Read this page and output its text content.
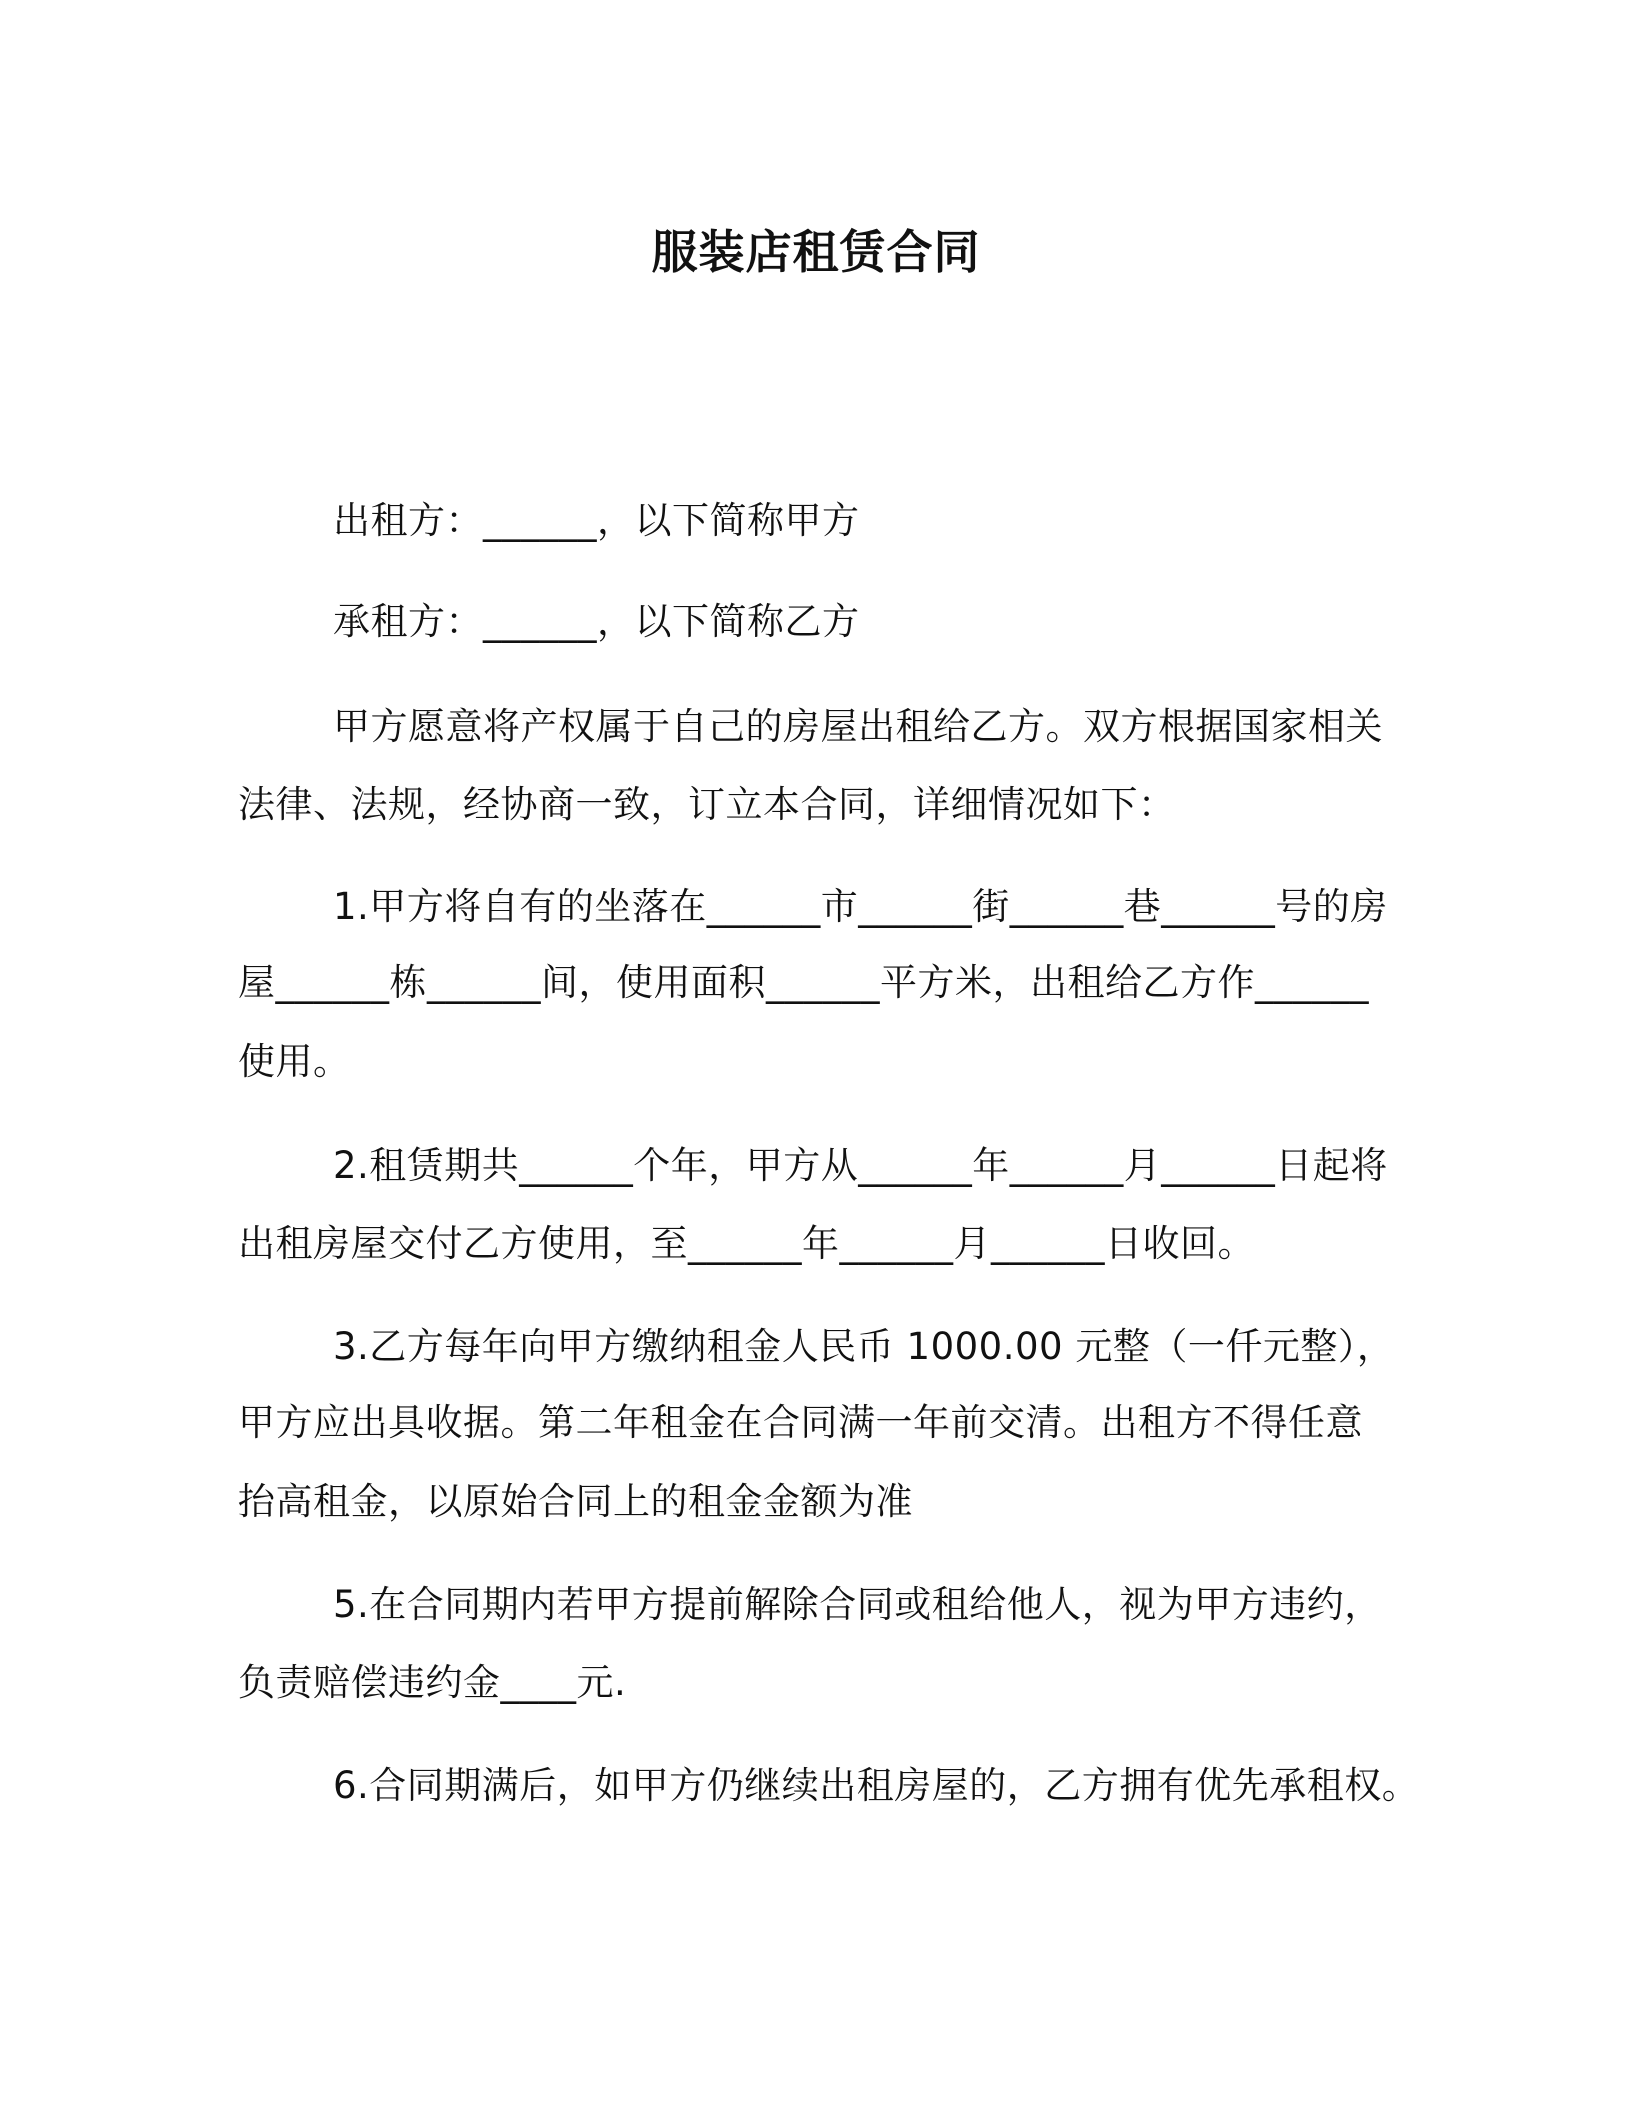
服装店租赁合同
出租方：______，以下简称甲方
承租方：______，以下简称乙方
甲方愿意将产权属于自己的房屋出租给乙方。双方根据国家相关
法律、法规，经协商一致，订立本合同，详细情况如下：
1.甲方将自有的坐落在______市______街______巷______号的房
屋______栋______间，使用面积______平方米，出租给乙方作______
使用。
2.租赁期共______个年，甲方从______年______月______日起将
出租房屋交付乙方使用，至______年______月______日收回。
3.乙方每年向甲方缴纳租金人民币 1000.00 元整（一仟元整），
甲方应出具收据。第二年租金在合同满一年前交清。出租方不得任意
抬高租金，以原始合同上的租金金额为准
5.在合同期内若甲方提前解除合同或租给他人，视为甲方违约，
负责赔偿违约金____元.
6.合同期满后，如甲方仍继续出租房屋的，乙方拥有优先承租权。
